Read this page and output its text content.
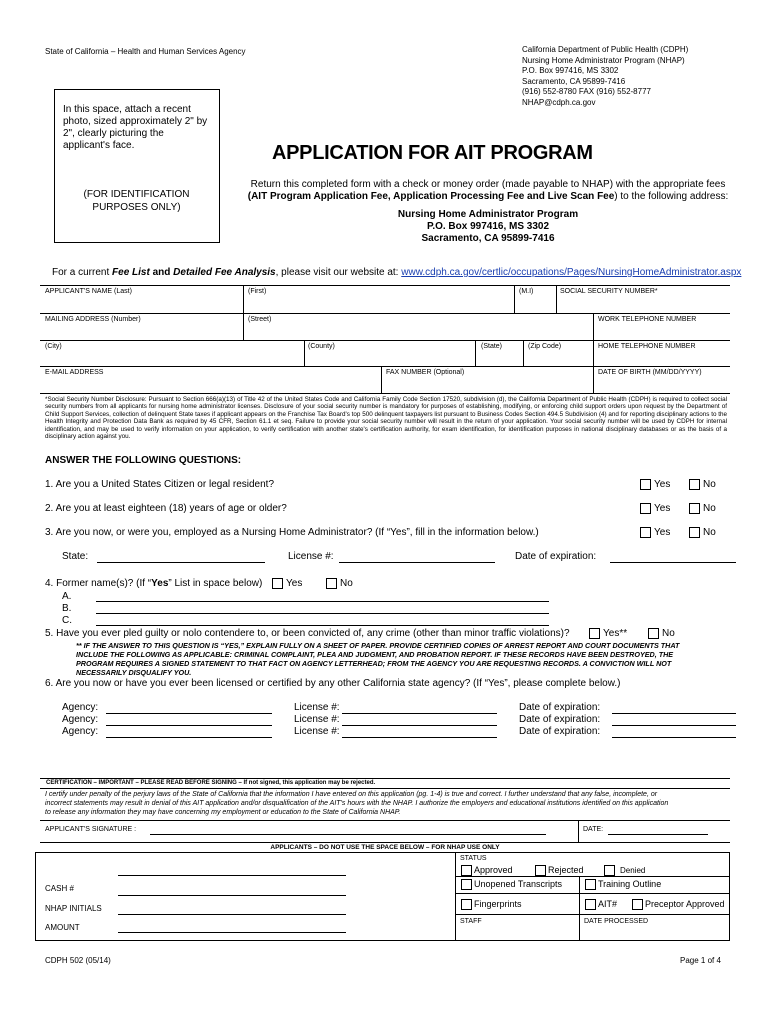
State of California – Health and Human Services Agency	California Department of Public Health (CDPH)
Nursing Home Administrator Program (NHAP)
P.O. Box 997416, MS 3302
Sacramento, CA 95899-7416
(916) 552-8780 FAX (916) 552-8777
NHAP@cdph.ca.gov
In this space, attach a recent photo, sized approximately 2" by 2", clearly picturing the applicant's face.
(FOR IDENTIFICATION
PURPOSES ONLY)
APPLICATION FOR AIT PROGRAM
Return this completed form with a check or money order (made payable to NHAP) with the appropriate fees
(AIT Program Application Fee, Application Processing Fee and Live Scan Fee) to the following address:
Nursing Home Administrator Program
P.O. Box 997416, MS 3302
Sacramento, CA 95899-7416
For a current Fee List and Detailed Fee Analysis, please visit our website at: www.cdph.ca.gov/certlic/occupations/Pages/NursingHomeAdministrator.aspx
APPLICANT'S NAME (Last)	(First)	(M.I)	SOCIAL SECURITY NUMBER*
MAILING ADDRESS (Number)	(Street)	WORK TELEPHONE NUMBER
(City)	(County)	(State)	(Zip Code)	HOME TELEPHONE NUMBER
E-MAIL ADDRESS	FAX NUMBER (Optional)	DATE OF BIRTH (MM/DD/YYYY)
*Social Security Number Disclosure: Pursuant to Section 666(a)(13) of Title 42 of the United States Code and California Family Code Section 17520, subdivision (d), the California Department of Public Health (CDPH) is required to collect social security numbers from all applicants for nursing home administrator licenses. Disclosure of your social security number is mandatory for purposes of establishing, modifying, or enforcing child support orders upon request by the Department of Child Support Services, collection of delinquent State taxes if applicant appears on the Franchise Tax Board's top 500 delinquent taxpayers list pursuant to Business Codes Section 494.5 Subdivision (4) and for reporting disciplinary actions to the Health Integrity and Protection Data Bank as required by 45 CFR, Section 61.1 et seq. Failure to provide your social security number will result in the return of your application. Your social security number will be used by CDPH for internal identification, and may be used to verify information on your application, to verify certification with another state's certification authority, for exam identification, for identification purposes in national disciplinary databases or as the basis of a disciplinary action against you.
ANSWER THE FOLLOWING QUESTIONS:
1. Are you a United States Citizen or legal resident?	Yes	No
2. Are you at least eighteen (18) years of age or older?	Yes	No
3. Are you now, or were you, employed as a Nursing Home Administrator? (If “Yes”, fill in the information below.)	Yes	No
State:	License #:	Date of expiration:
4. Former name(s)? (If “Yes” List in space below) Yes	No
A.
B.
C.
5. Have you ever pled guilty or nolo contendere to, or been convicted of, any crime (other than minor traffic violations)?	Yes**	No
** IF THE ANSWER TO THIS QUESTION IS “YES,” EXPLAIN FULLY ON A SHEET OF PAPER. PROVIDE CERTIFIED COPIES OF ARREST REPORT AND COURT DOCUMENTS THAT
INCLUDE THE FOLLOWING AS APPLICABLE: CRIMINAL COMPLAINT, PLEA AND JUDGMENT, AND PROBATION REPORT. IF THESE RECORDS HAVE BEEN DESTROYED, THE
PROGRAM REQUIRES A SIGNED STATEMENT TO THAT FACT ON AGENCY LETTERHEAD; FROM THE AGENCY YOU ARE REQUESTING RECORDS. A CONVICTION WILL NOT
NECESSARILY DISQUALIFY YOU.
6. Are you now or have you ever been licensed or certified by any other California state agency? (If “Yes”, please complete below.)
Agency:	License #:	Date of expiration:
Agency:	License #:	Date of expiration:
Agency:	License #:	Date of expiration:
CERTIFICATION – IMPORTANT – PLEASE READ BEFORE SIGNING – If not signed, this application may be rejected.
I certify under penalty of the perjury laws of the State of California that the information I have entered on this application (pg. 1-4) is true and correct. I further understand that any false, incomplete, or
incorrect statements may result in denial of this AIT application and/or disqualification of the AIT's hours with the NHAP. I authorize the employers and educational institutions identified on this application
to release any information they may have concerning my employment or education to the State of California NHAP.
APPLICANT'S SIGNATURE :	DATE:
APPLICANTS – DO NOT USE THE SPACE BELOW – FOR NHAP USE ONLY
CASH #
NHAP INITIALS
AMOUNT
STATUS
Approved	Rejected	Denied
Unopened Transcripts	Training Outline
Fingerprints	AIT#	Preceptor Approved
STAFF	DATE PROCESSED
CDPH 502 (05/14)	Page 1 of 4
